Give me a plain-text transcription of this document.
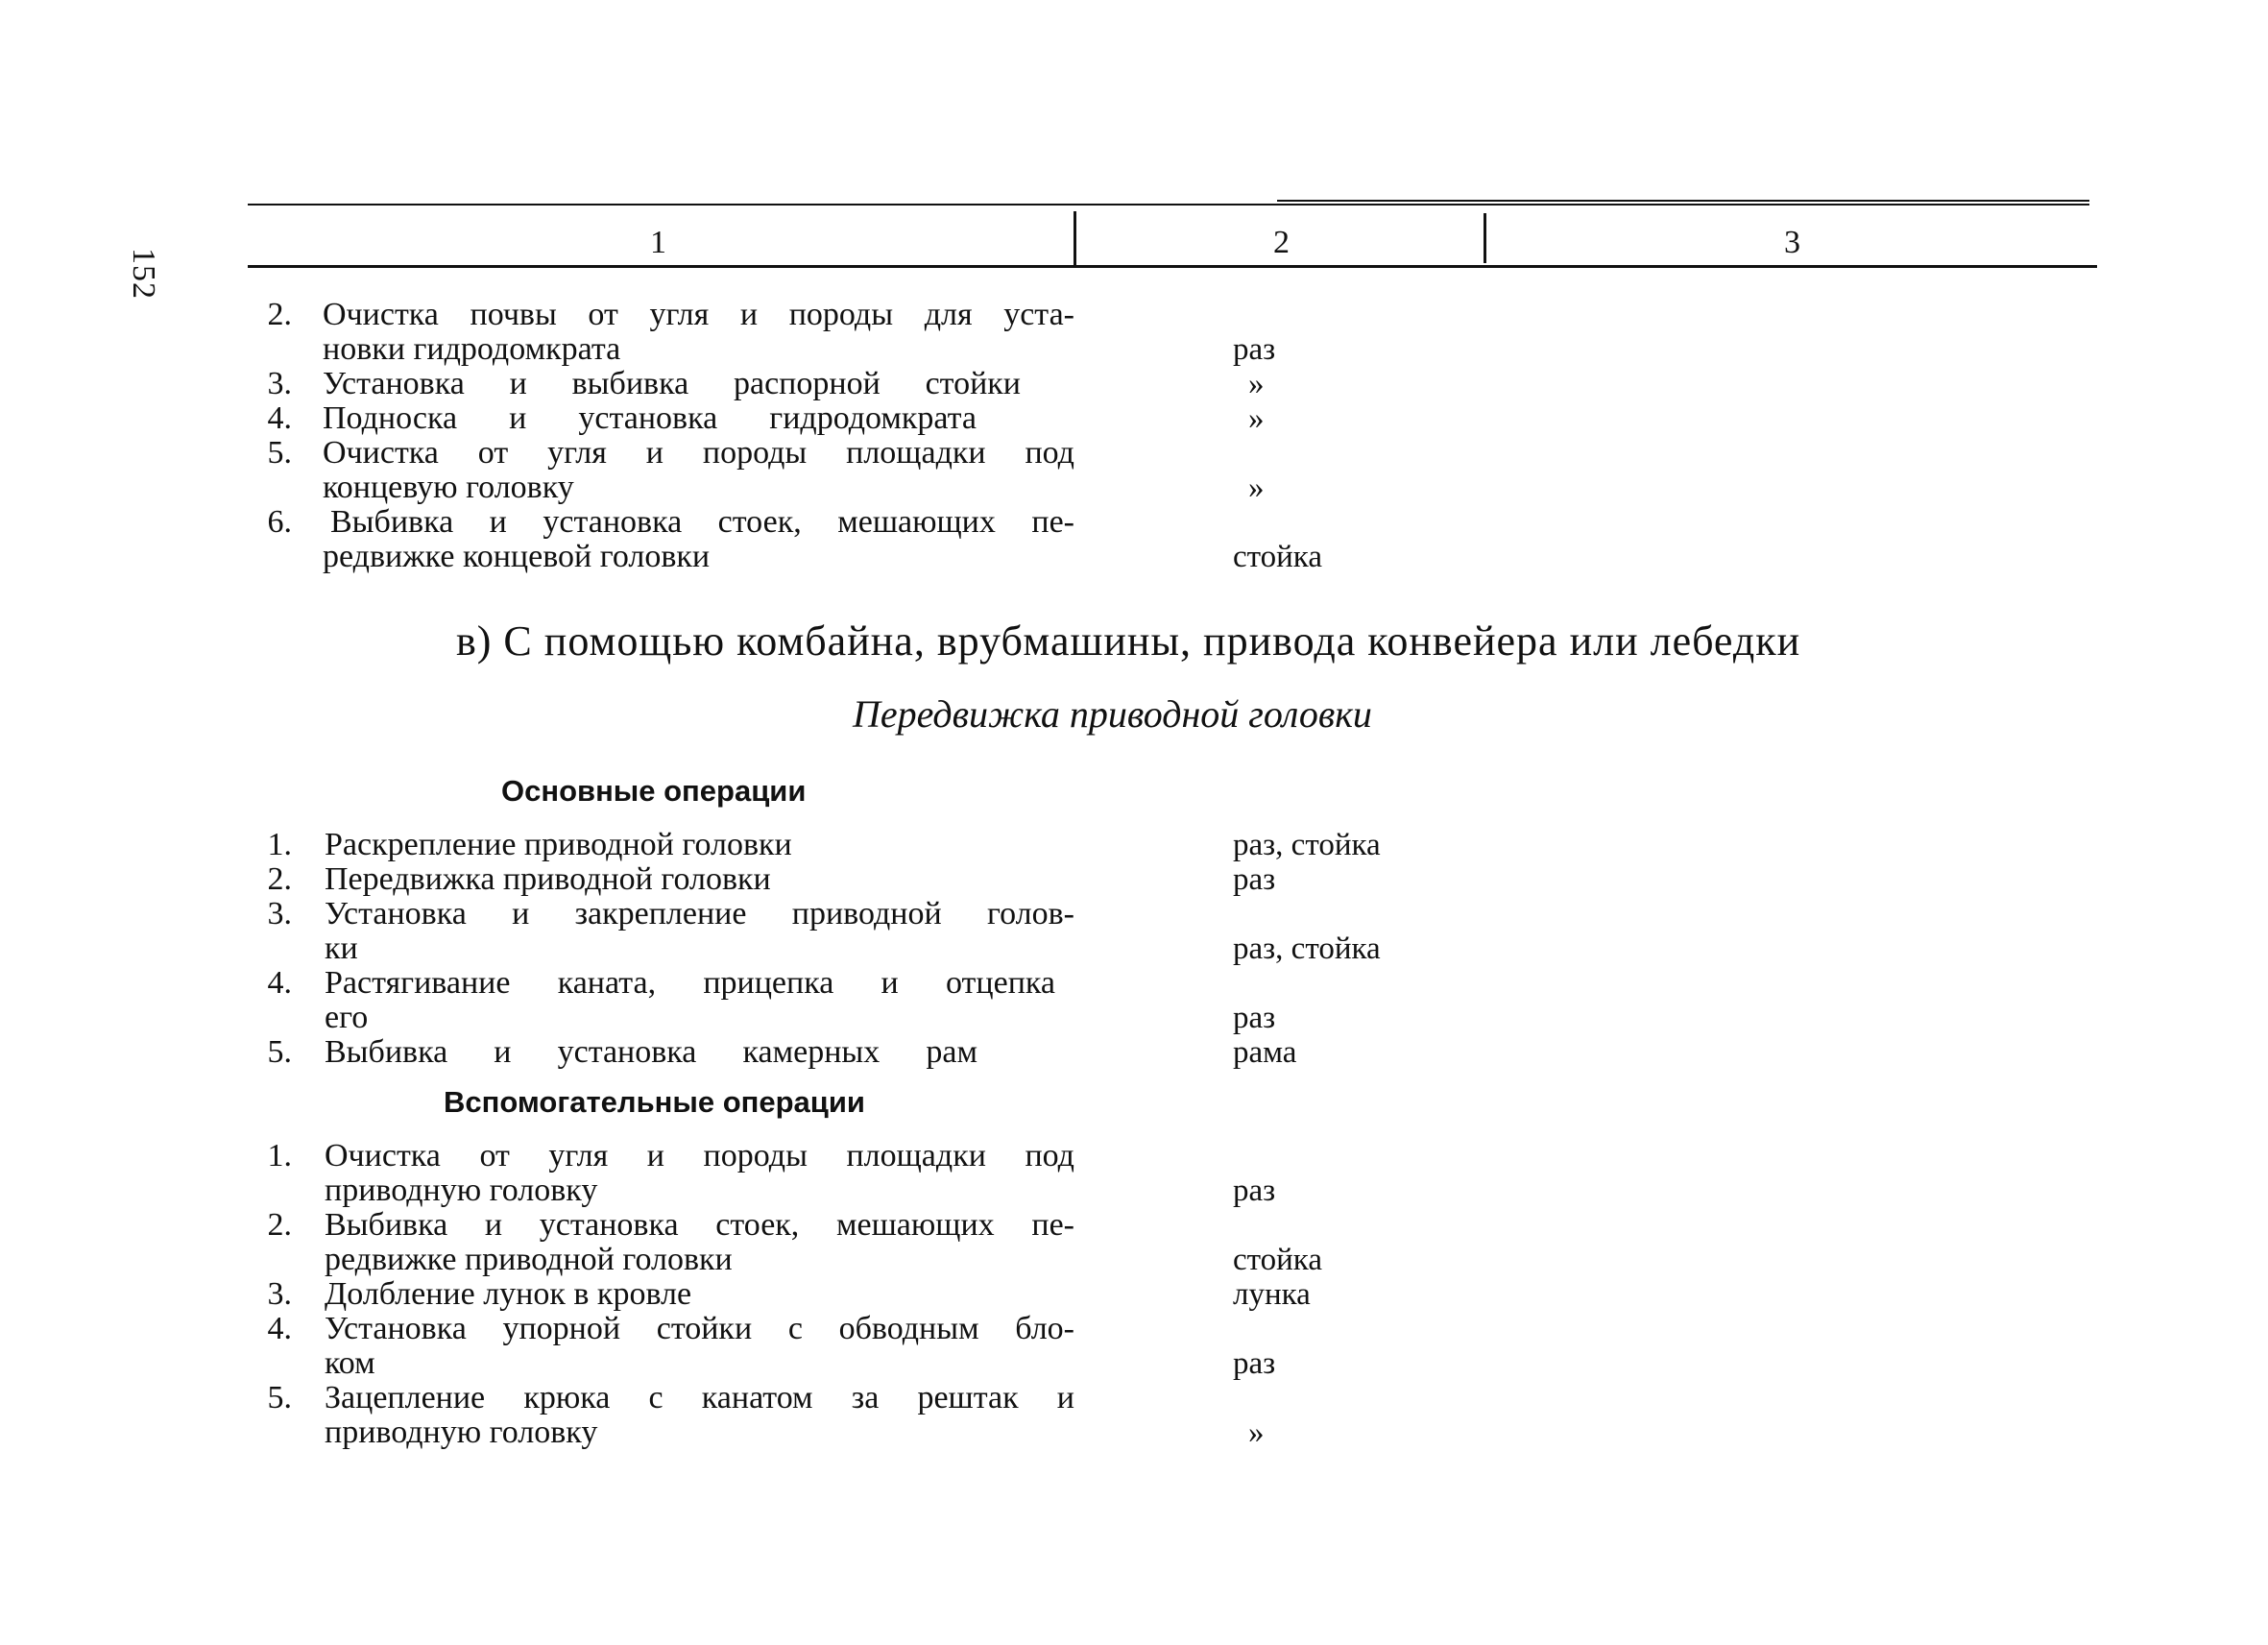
152
1	2	3
2. Очистка почвы от угля и породы для уста-
новки гидродомкрата	раз
3. Установка и выбивка распорной стойки	»
4. Подноска и установка гидродомкрата	»
5. Очистка от угля и породы площадки под
концевую головку	»
6. Выбивка и установка стоек, мешающих пе-
редвижке концевой головки	стойка
в) С помощью комбайна, врубмашины, привода конвейера или лебедки
Передвижка приводной головки
Основные операции
1. Раскрепление приводной головки	раз, стойка
2. Передвижка приводной головки	раз
3. Установка и закрепление приводной голов-
ки	раз, стойка
4. Растягивание каната, прицепка и отцепка
его	раз
5. Выбивка и установка камерных рам	рама
Вспомогательные операции
1. Очистка от угля и породы площадки под
приводную головку	раз
2. Выбивка и установка стоек, мешающих пе-
редвижке приводной головки	стойка
3. Долбление лунок в кровле	лунка
4. Установка упорной стойки с обводным бло-
ком	раз
5. Зацепление крюка с канатом за рештак и
приводную головку	»
